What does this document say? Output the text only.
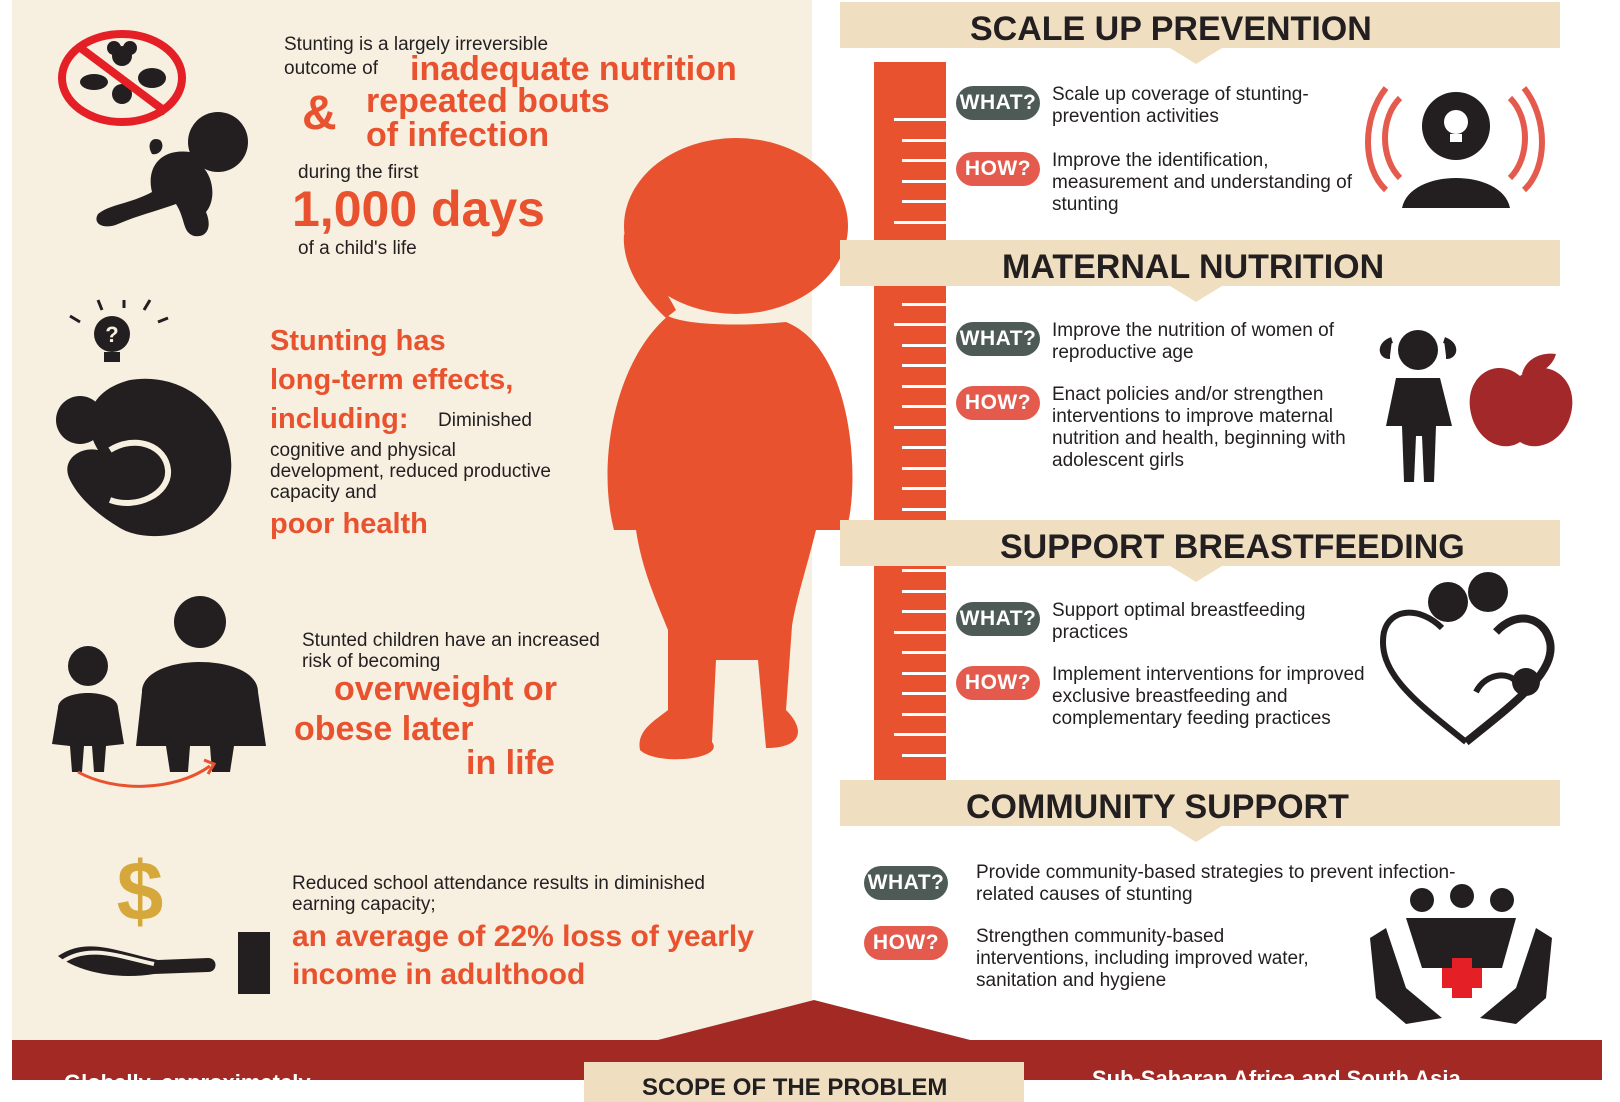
?
$
Stunting is a largely irreversible
outcome of inadequate nutrition
& repeated bouts
of infection
during the first
1,000 days
of a child's life
Stunting has
long-term effects,
including:	Diminished
cognitive and physical development, reduced productive capacity and
poor health
Stunted children have an increased risk of becoming
overweight or
obese later
in life
Reduced school attendance results in diminished earning capacity;
an average of 22% loss of yearly income in adulthood
SCALE UP PREVENTION
WHAT? Scale up coverage of stunting-prevention activities
HOW?	Improve the identification, measurement and understanding of stunting
MATERNAL NUTRITION
WHAT? Improve the nutrition of women of reproductive age
HOW?	Enact policies and/or strengthen interventions to improve maternal nutrition and health, beginning with adolescent girls
SUPPORT BREASTFEEDING
WHAT? Support optimal breastfeeding practices
HOW?	Implement interventions for improved exclusive breastfeeding and complementary feeding practices
COMMUNITY SUPPORT
WHAT? Provide community-based strategies to prevent infection-related causes of stunting
HOW?	Strengthen community-based interventions, including improved water, sanitation and hygiene
Globally, approximately	SCOPE OF THE PROBLEM	Sub-Saharan Africa and South Asia
